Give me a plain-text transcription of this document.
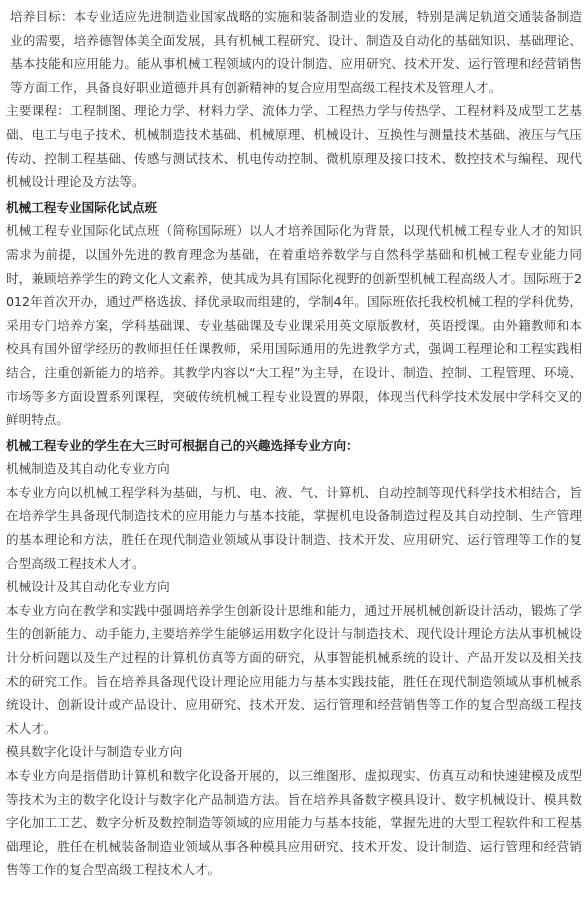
培养目标：本专业适应先进制造业国家战略的实施和装备制造业的发展，特别是满足轨道交通装备制造业的需要，培养德智体美全面发展，具有机械工程研究、设计、制造及自动化的基础知识、基础理论、基本技能和应用能力。能从事机械工程领域内的设计制造、应用研究、技术开发、运行管理和经营销售等方面工作，具备良好职业道德并具有创新精神的复合应用型高级工程技术及管理人才。

主要课程：工程制图、理论力学、材料力学、流体力学、工程热力学与传热学、工程材料及成型工艺基础、电工与电子技术、机械制造技术基础、机械原理、机械设计、互换性与测量技术基础、液压与气压传动、控制工程基础、传感与测试技术、机电传动控制、微机原理及接口技术、数控技术与编程、现代机械设计理论及方法等。

机械工程专业国际化试点班

机械工程专业国际化试点班（简称国际班）以人才培养国际化为背景，以现代机械工程专业人才的知识需求为前提，以国外先进的教育理念为基础，在着重培养数学与自然科学基础和机械工程专业能力同时，兼顾培养学生的跨文化人文素养，使其成为具有国际化视野的创新型机械工程高级人才。国际班于2012年首次开办，通过严格选拔、择优录取而组建的，学制4年。国际班依托我校机械工程的学科优势，采用专门培养方案，学科基础课、专业基础课及专业课采用英文原版教材，英语授课。由外籍教师和本校具有国外留学经历的教师担任任课教师，采用国际通用的先进教学方式，强调工程理论和工程实践相结合，注重创新能力的培养。其教学内容以“大工程”为主导，在设计、制造、控制、工程管理、环境、市场等多方面设置系列课程，突破传统机械工程专业设置的界限，体现当代科学技术发展中学科交叉的鲜明特点。

机械工程专业的学生在大三时可根据自己的兴趣选择专业方向：

机械制造及其自动化专业方向

本专业方向以机械工程学科为基础，与机、电、液、气、计算机、自动控制等现代科学技术相结合，旨在培养学生具备现代制造技术的应用能力与基本技能，掌握机电设备制造过程及其自动控制、生产管理的基本理论和方法，胜任在现代制造业领域从事设计制造、技术开发、应用研究、运行管理等工作的复合型高级工程技术人才。

机械设计及其自动化专业方向

本专业方向在教学和实践中强调培养学生创新设计思维和能力，通过开展机械创新设计活动，锻炼了学生的创新能力、动手能力,主要培养学生能够运用数字化设计与制造技术、现代设计理论方法从事机械设计分析问题以及生产过程的计算机仿真等方面的研究，从事智能机械系统的设计、产品开发以及相关技术的研究工作。旨在培养具备现代设计理论应用能力与基本实践技能，胜任在现代制造领域从事机械系统设计、创新设计或产品设计、应用研究、技术开发、运行管理和经营销售等工作的复合型高级工程技术人才。

模具数字化设计与制造专业方向

本专业方向是指借助计算机和数字化设备开展的，以三维图形、虚拟现实、仿真互动和快速建模及成型等技术为主的数字化设计与数字化产品制造方法。旨在培养具备数字模具设计、数字机械设计、模具数字化加工工艺、数字分析及数控制造等领域的应用能力与基本技能，掌握先进的大型工程软件和工程基础理论，胜任在机械装备制造业领域从事各种模具应用研究、技术开发、设计制造、运行管理和经营销售等工作的复合型高级工程技术人才。
